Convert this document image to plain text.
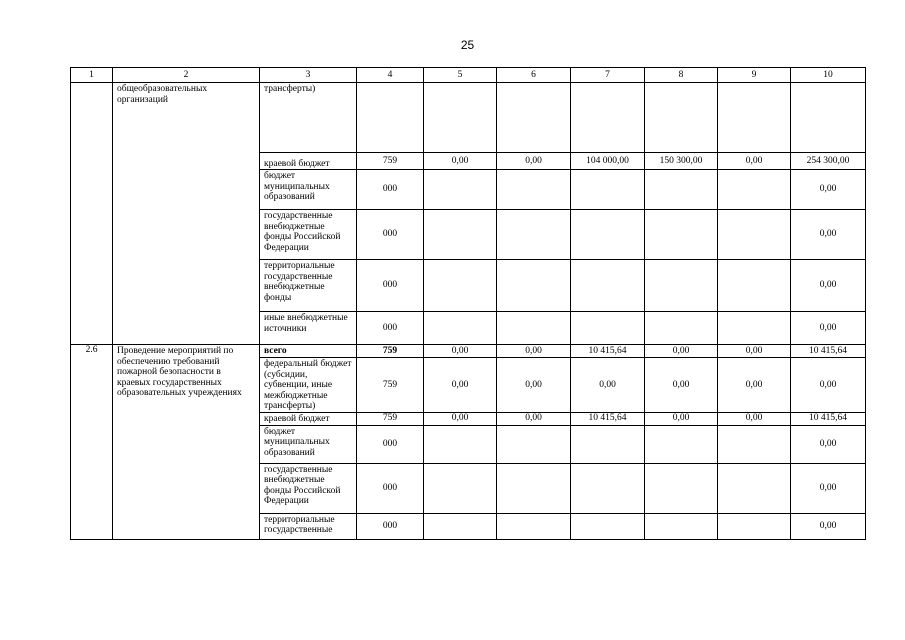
25
1	2	3	4	5	6	7	8	9	10
	общеобразовательных организаций	трансферты)							
		краевой бюджет	759	0,00	0,00	104 000,00	150 300,00	0,00	254 300,00
		бюджет муниципальных образований	000						0,00
		государственные внебюджетные фонды Российской Федерации	000						0,00
		территориальные государственные внебюджетные фонды	000						0,00
		иные внебюджетные источники	000						0,00
2.6	Проведение мероприятий по обеспечению требований пожарной безопасности в краевых государственных образовательных учреждениях	всего	759	0,00	0,00	10 415,64	0,00	0,00	10 415,64
		федеральный бюджет (субсидии, субвенции, иные межбюджетные трансферты)	759	0,00	0,00	0,00	0,00	0,00	0,00
		краевой бюджет	759	0,00	0,00	10 415,64	0,00	0,00	10 415,64
		бюджет муниципальных образований	000						0,00
		государственные внебюджетные фонды Российской Федерации	000						0,00
		территориальные государственные	000						0,00
